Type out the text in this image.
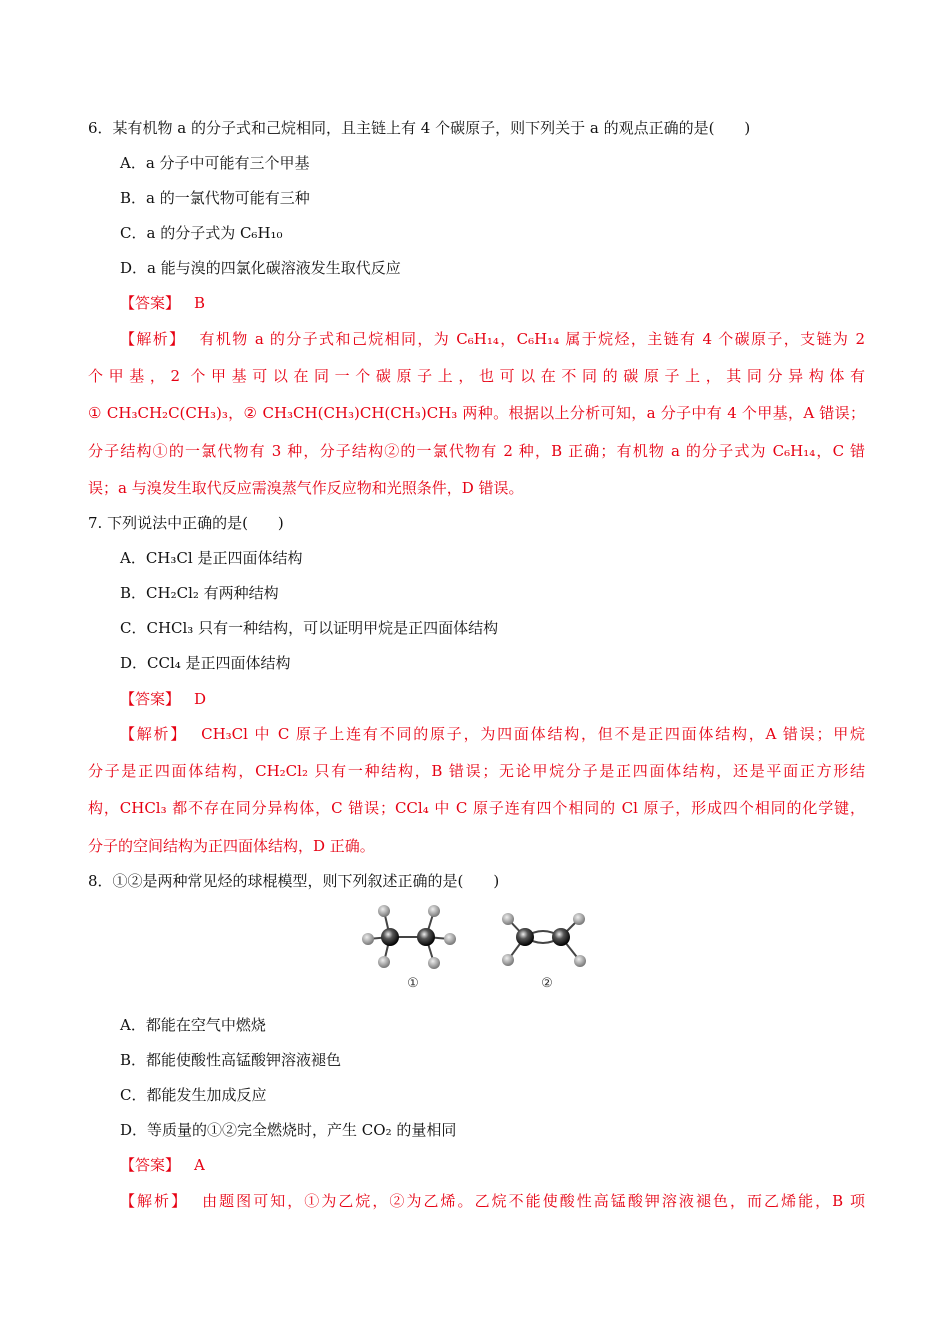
6．某有机物 a 的分子式和己烷相同，且主链上有 4 个碳原子，则下列关于 a 的观点正确的是(　　)
A．a 分子中可能有三个甲基
B．a 的一氯代物可能有三种
C．a 的分子式为 C₆H₁₀
D．a 能与溴的四氯化碳溶液发生取代反应
【答案】 B
【解析】 有机物 a 的分子式和己烷相同，为 C₆H₁₄，C₆H₁₄ 属于烷烃，主链有 4 个碳原子，支链为 2
个甲基，2 个甲基可以在同一个碳原子上，也可以在不同的碳原子上，其同分异构体有
① CH₃CH₂C(CH₃)₃，② CH₃CH(CH₃)CH(CH₃)CH₃ 两种。根据以上分析可知，a 分子中有 4 个甲基，A 错误；
分子结构①的一氯代物有 3 种，分子结构②的一氯代物有 2 种，B 正确；有机物 a 的分子式为 C₆H₁₄，C 错
误；a 与溴发生取代反应需溴蒸气作反应物和光照条件，D 错误。
7. 下列说法中正确的是(　　)
A．CH₃Cl 是正四面体结构
B．CH₂Cl₂ 有两种结构
C．CHCl₃ 只有一种结构，可以证明甲烷是正四面体结构
D．CCl₄ 是正四面体结构
【答案】 D
【解析】 CH₃Cl 中 C 原子上连有不同的原子，为四面体结构，但不是正四面体结构，A 错误；甲烷
分子是正四面体结构，CH₂Cl₂ 只有一种结构，B 错误；无论甲烷分子是正四面体结构，还是平面正方形结
构，CHCl₃ 都不存在同分异构体，C 错误；CCl₄ 中 C 原子连有四个相同的 Cl 原子，形成四个相同的化学键，
分子的空间结构为正四面体结构，D 正确。
8．①②是两种常见烃的球棍模型，则下列叙述正确的是(　　)
①	②
A．都能在空气中燃烧
B．都能使酸性高锰酸钾溶液褪色
C．都能发生加成反应
D．等质量的①②完全燃烧时，产生 CO₂ 的量相同
【答案】 A
【解析】 由题图可知，①为乙烷，②为乙烯。乙烷不能使酸性高锰酸钾溶液褪色，而乙烯能，B 项
